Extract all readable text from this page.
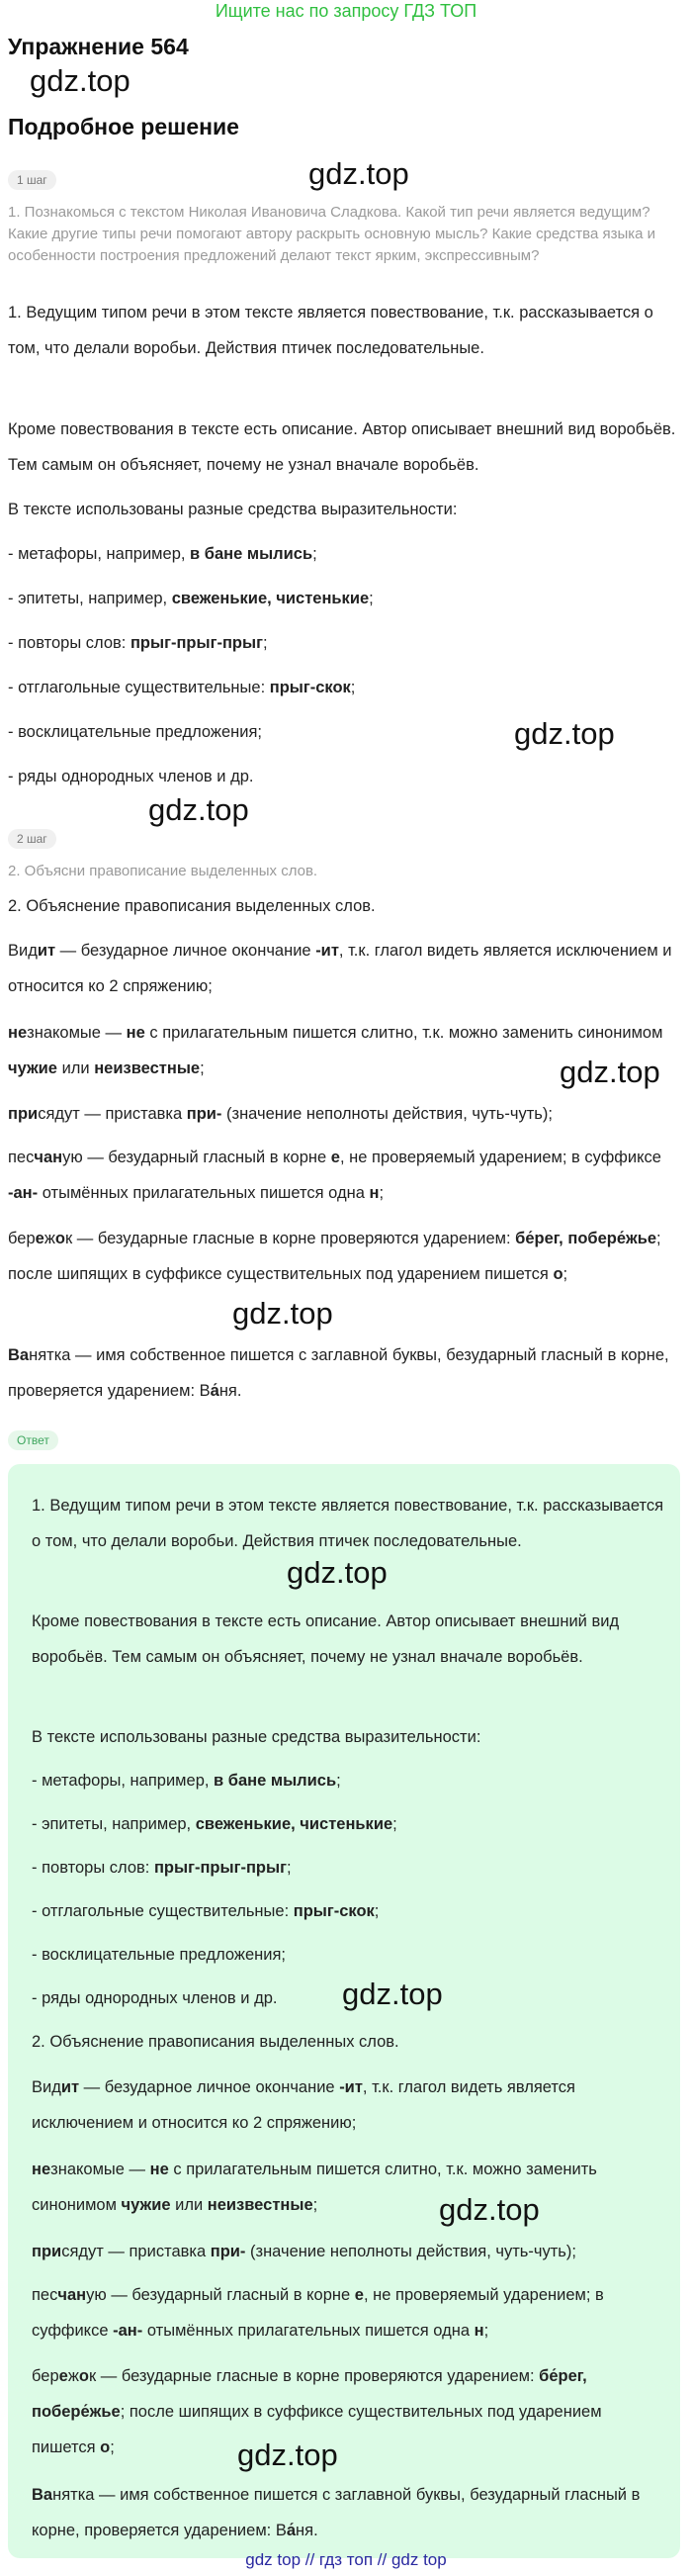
Ищите нас по запросу ГДЗ ТОП
Упражнение 564
gdz.top
Подробное решение
gdz.top
1 шаг
1. Познакомься с текстом Николая Ивановича Сладкова. Какой тип речи является ведущим? Какие другие типы речи помогают автору раскрыть основную мысль? Какие средства языка и особенности построения предложений делают текст ярким, экспрессивным?
1. Ведущим типом речи в этом тексте является повествование, т.к. рассказывается о том, что делали воробьи. Действия птичек последовательные.
Кроме повествования в тексте есть описание. Автор описывает внешний вид воробьёв. Тем самым он объясняет, почему не узнал вначале воробьёв.
В тексте использованы разные средства выразительности:
- метафоры, например, в бане мылись;
- эпитеты, например, свеженькие, чистенькие;
- повторы слов: прыг-прыг-прыг;
- отглагольные существительные: прыг-скок;
- восклицательные предложения;	gdz.top
- ряды однородных членов и др.
gdz.top
2 шаг
2. Объясни правописание выделенных слов.
2. Объяснение правописания выделенных слов.
Видит — безударное личное окончание -ит, т.к. глагол видеть является исключением и относится ко 2 спряжению;
незнакомые — не с прилагательным пишется слитно, т.к. можно заменить синонимом чужие или неизвестные;	gdz.top
присядут — приставка при- (значение неполноты действия, чуть-чуть);
песчаную — безударный гласный в корне е, не проверяемый ударением; в суффиксе -ан- отымённых прилагательных пишется одна н;
бережок — безударные гласные в корне проверяются ударением: бе́рег, побере́жье; после шипящих в суффиксе существительных под ударением пишется о;
gdz.top
Ванятка — имя собственное пишется с заглавной буквы, безударный гласный в корне, проверяется ударением: Ва́ня.
Ответ
1. Ведущим типом речи в этом тексте является повествование, т.к. рассказывается о том, что делали воробьи. Действия птичек последовательные.
gdz.top
Кроме повествования в тексте есть описание. Автор описывает внешний вид воробьёв. Тем самым он объясняет, почему не узнал вначале воробьёв.
В тексте использованы разные средства выразительности:
- метафоры, например, в бане мылись;
- эпитеты, например, свеженькие, чистенькие;
- повторы слов: прыг-прыг-прыг;
- отглагольные существительные: прыг-скок;
- восклицательные предложения;
- ряды однородных членов и др.	gdz.top
2. Объяснение правописания выделенных слов.
Видит — безударное личное окончание -ит, т.к. глагол видеть является исключением и относится ко 2 спряжению;
незнакомые — не с прилагательным пишется слитно, т.к. можно заменить синонимом чужие или неизвестные;	gdz.top
присядут — приставка при- (значение неполноты действия, чуть-чуть);
песчаную — безударный гласный в корне е, не проверяемый ударением; в суффиксе -ан- отымённых прилагательных пишется одна н;
бережок — безударные гласные в корне проверяются ударением: бе́рег, побере́жье; после шипящих в суффиксе существительных под ударением пишется о;	gdz.top
Ванятка — имя собственное пишется с заглавной буквы, безударный гласный в корне, проверяется ударением: Ва́ня.
gdz top // гдз топ // gdz top
